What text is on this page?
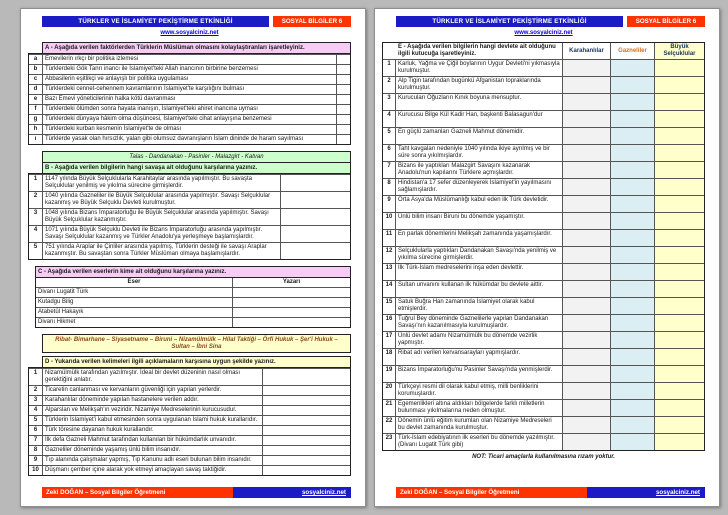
TÜRKLER VE İSLAMİYET PEKİŞTİRME ETKİNLİĞİ	SOSYAL BİLGİLER 6
www.sosyalciniz.net
A - Aşağıda verilen faktörlerden Türklerin Müslüman olmasını kolaylaştıranları işaretleyiniz.
a	Emevilerin ırkçı bir politika izlemesi
b	Türklerdeki Gök Tanrı inancı ile İslamiyet'teki Allah inancının birbirine benzemesi
c	Abbasilerin eşitlikçi ve anlayışlı bir politika uygulaması
d	Türklerdeki cennet-cehennem kavramlarının İslamiyet'te karşılığını bulması
e	Bazı Emevi yöneticilerinin halka kötü davranması
f	Türklerdeki ölümden sonra hayata inanışın, İslamiyet'teki ahiret inancına uyması
g	Türklerdeki dünyaya hâkim olma düşüncesi, İslamiyet'teki cihat anlayışına benzemesi
h	Türklerdeki kurban kesmenin İslamiyet'te de olması
ı	Türklerde yasak olan hırsızlık, yalan gibi olumsuz davranışların İslam dininde de haram sayılması
Talas - Dandanakan - Pasinler - Malazgirt - Katvan
B - Aşağıda verilen bilgilerin hangi savaşa ait olduğunu karşılarına yazınız.
1	1147 yılında Büyük Selçuklularla Karahitaylar arasında yapılmıştır. Bu savaşta Selçuklular yenilmiş ve yıkılma sürecine girmişlerdir.
2	1040 yılında Gazneliler ile Büyük Selçuklular arasında yapılmıştır. Savaşı Selçuklular kazanmış ve Büyük Selçuklu Devleti kurulmuştur.
3	1048 yılında Bizans İmparatorluğu ile Büyük Selçuklular arasında yapılmıştır. Savaşı Büyük Selçuklular kazanmıştır.
4	1071 yılında Büyük Selçuklu Devleti ile Bizans İmparatorluğu arasında yapılmıştır. Savaşı Selçuklular kazanmış ve Türkler Anadolu'ya yerleşmeye başlamışlardır.
5	751 yılında Araplar ile Çinliler arasında yapılmış, Türklerin desteği ile savaşı Araplar kazanmıştır. Bu savaştan sonra Türkler Müslüman olmaya başlamışlardır.
C - Aşağıda verilen eserlerin kime ait olduğunu karşılarına yazınız.
Eser	Yazarı
Divanı Lugatit Türk
Kutadgu Bilig
Atabetül Hakayık
Divanı Hikmet
Ribat- Bimarhane – Siyasetname – Biruni – Nizamülmülk – Hilal Taktiği – Örfi Hukuk – Şer'i Hukuk – Sultan – İbni Sina
D - Yukarıda verilen kelimeleri ilgili açıklamaların karşısına uygun şekilde yazınız.
1	Nizamülmülk tarafından yazılmıştır. İdeal bir devlet düzeninin nasıl olması gerektiğini anlatır.
2	Ticaretin canlanması ve kervanların güvenliği için yapılan yerlerdir.
3	Karahanlılar döneminde yapılan hastanelere verilen addır.
4	Alparslan ve Melikşah'ın veziridir. Nizamiye Medreselerinin kurucusudur.
5	Türklerin İslamiyet'i kabul etmesinden sonra uygulanan İslami hukuk kurallarıdır.
6	Türk töresine dayanan hukuk kurallarıdır.
7	İlk defa Gazneli Mahmut tarafından kullanılan bir hükümdarlık unvanıdır.
8	Gazneliler döneminde yaşamış ünlü bilim insanıdır.
9	Tıp alanında çalışmalar yapmış, Tıp Kanunu adlı eseri bulunan bilim insanıdır.
10	Düşmanı çember içine alarak yok etmeyi amaçlayan savaş taktiğidir.
Zeki DOĞAN – Sosyal Bilgiler Öğretmeni	sosyalciniz.net
TÜRKLER VE İSLAMİYET PEKİŞTİRME ETKİNLİĞİ	SOSYAL BİLGİLER 6
www.sosyalciniz.net
E - Aşağıda verilen bilgilerin hangi devlete ait olduğunu ilgili kutucuğa işaretleyiniz.
Karahanlılar	Gazneliler
Büyük Selçuklular
1	Karluk, Yağma ve Çiğil boylarının Uygur Devleti'ni yıkmasıyla kurulmuştur.
2	Alp Tigin tarafından bugünkü Afganistan topraklarında kurulmuştur.
3	Kurucuları Oğuzların Kınık boyuna mensuptur.
4	Kurucusu Bilge Kül Kadir Han, başkenti Balasagun'dur
5	En güçlü zamanları Gazneli Mahmut dönemidir.
6	Taht kavgaları nedeniyle 1040 yılında ikiye ayrılmış ve bir süre sonra yıkılmışlardır.
7	Bizans ile yaptıkları Malazgirt Savaşını kazanarak Anadolu'nun kapılarını Türklere açmışlardır.
8	Hindistan'a 17 sefer düzenleyerek İslamiyet'in yayılmasını sağlamışlardır.
9	Orta Asya'da Müslümanlığı kabul eden ilk Türk devletidir.
10 Ünlü bilim insanı Biruni bu dönemde yaşamıştır.
11 En parlak dönemlerini Melikşah zamanında yaşamışlardır.
12 Selçuklularla yaptıkları Dandanakan Savaşı'nda yenilmiş ve yıkılma sürecine girmişlerdir.
13 İlk Türk-İslam medreselerini inşa eden devlettir.
14 Sultan unvanını kullanan ilk hükümdar bu devlete aittir.
15 Satuk Buğra Han zamanında İslamiyet olarak kabul etmişlerdir.
16 Tuğrul Bey döneminde Gaznelilerle yapılan Dandanakan Savaşı'nın kazanılmasıyla kurulmuşlardır.
17 Ünlü devlet adamı Nizamülmülk bu dönemde vezirlik yapmıştır.
18 Ribat adı verilen kervansarayları yapmışlardır.
19 Bizans İmparatorluğu'nu Pasinler Savaşı'nda yenmişlerdir.
20 Türkçeyi resmi dil olarak kabul etmiş, milli benliklerini korumuşlardır.
21 Egemenlikleri altına aldıkları bölgelerde farklı milletlerin bulunması yıkılmalarına neden olmuştur.
22 Dönemin ünlü eğitim kurumları olan Nizamiye Medreseleri bu devlet zamanında kurulmuştur.
23 Türk-İslam edebiyatının ilk eserleri bu dönemde yazılmıştır. (Divanı Lugatit Türk gibi)
NOT: Ticari amaçlarla kullanılmasına rızam yoktur.
Zeki DOĞAN – Sosyal Bilgiler Öğretmeni	sosyalciniz.net
